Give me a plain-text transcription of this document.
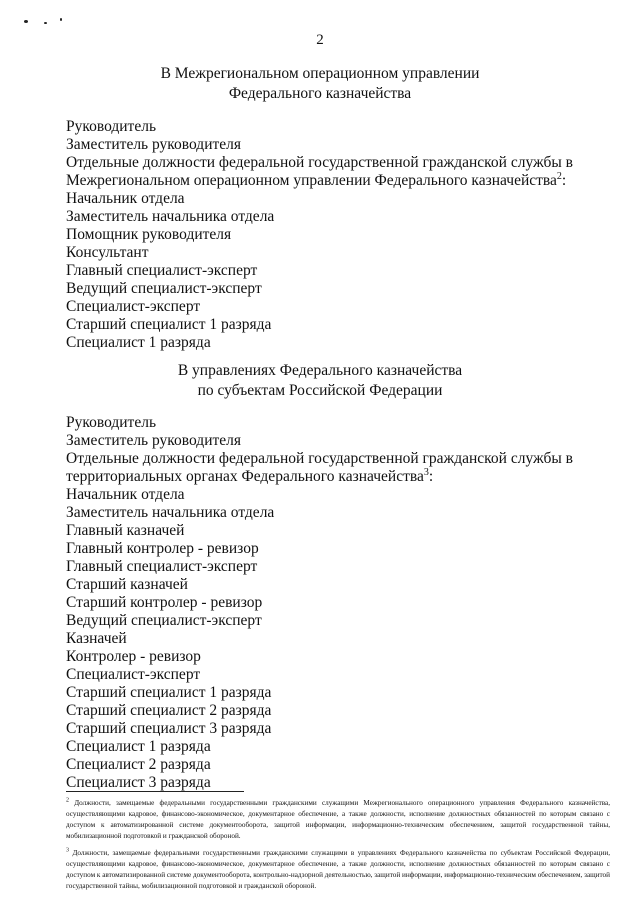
2
В Межрегиональном операционном управлении
Федерального казначейства
Руководитель
Заместитель руководителя
Отдельные должности федеральной государственной гражданской службы в
Межрегиональном операционном управлении Федерального казначейства$^2$:
Начальник отдела
Заместитель начальника отдела
Помощник руководителя
Консультант
Главный специалист-эксперт
Ведущий специалист-эксперт
Специалист-эксперт
Старший специалист 1 разряда
Специалист 1 разряда
В управлениях Федерального казначейства
по субъектам Российской Федерации
Руководитель
Заместитель руководителя
Отдельные должности федеральной государственной гражданской службы в
территориальных органах Федерального казначейства$^3$:
Начальник отдела
Заместитель начальника отдела
Главный казначей
Главный контролер - ревизор
Главный специалист-эксперт
Старший казначей
Старший контролер - ревизор
Ведущий специалист-эксперт
Казначей
Контролер - ревизор
Специалист-эксперт
Старший специалист 1 разряда
Старший специалист 2 разряда
Старший специалист 3 разряда
Специалист 1 разряда
Специалист 2 разряда
Специалист 3 разряда
$^2$ Должности, замещаемые федеральными государственными гражданскими служащими Межрегионального операционного управления Федерального казначейства, осуществляющими кадровое, финансово-экономическое, документарное обеспечение, а также должности, исполнение должностных обязанностей по которым связано с доступом к автоматизированной системе документооборота, защитой информации, информационно-техническим обеспечением, защитой государственной тайны, мобилизационной подготовкой и гражданской обороной.
$^3$ Должности, замещаемые федеральными государственными гражданскими служащими в управлениях Федерального казначейства по субъектам Российской Федерации, осуществляющими кадровое, финансово-экономическое, документарное обеспечение, а также должности, исполнение должностных обязанностей по которым связано с доступом к автоматизированной системе документооборота, контрольно-надзорной деятельностью, защитой информации, информационно-техническим обеспечением, защитой государственной тайны, мобилизационной подготовкой и гражданской обороной.
